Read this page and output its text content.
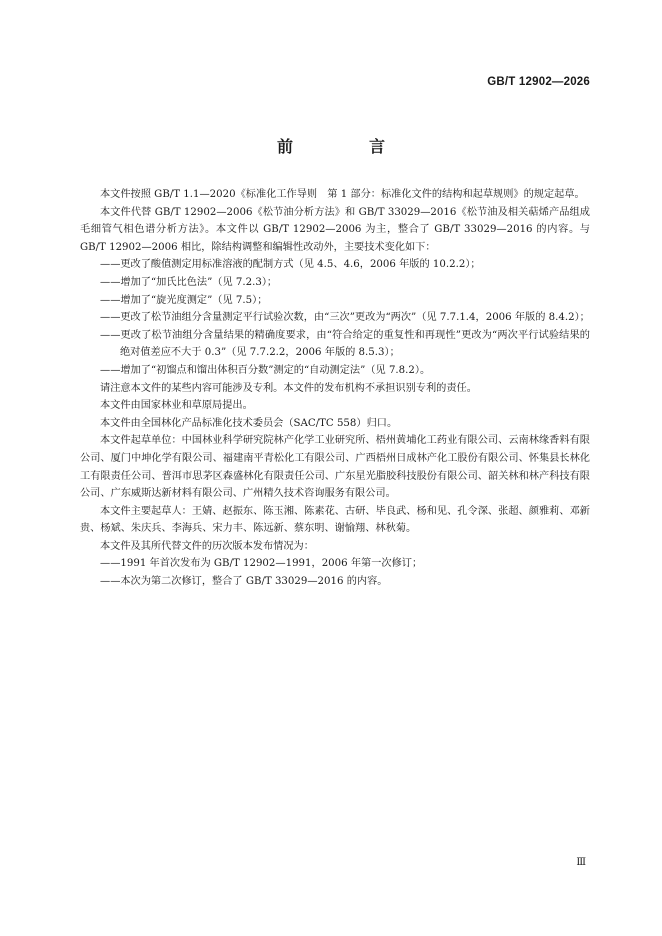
GB/T 12902—2026
前　言

本文件按照 GB/T 1.1—2020《标准化工作导则　第 1 部分：标准化文件的结构和起草规则》的规定起草。

本文件代替 GB/T 12902—2006《松节油分析方法》和 GB/T 33029—2016《松节油及相关萜烯产品组成　毛细管气相色谱分析方法》。本文件以 GB/T 12902—2006 为主，整合了 GB/T 33029—2016 的内容。与 GB/T 12902—2006 相比，除结构调整和编辑性改动外，主要技术变化如下：

——更改了酸值测定用标准溶液的配制方式（见 4.5、4.6，2006 年版的 10.2.2）；

——增加了“加氏比色法”（见 7.2.3）；

——增加了“旋光度测定”（见 7.5）；

——更改了松节油组分含量测定平行试验次数，由“三次”更改为“两次”（见 7.7.1.4，2006 年版的 8.4.2）；

——更改了松节油组分含量结果的精确度要求，由“符合给定的重复性和再现性”更改为“两次平行试验结果的绝对值差应不大于 0.3”（见 7.7.2.2，2006 年版的 8.5.3）；

——增加了“初馏点和馏出体积百分数”测定的“自动测定法”（见 7.8.2）。

请注意本文件的某些内容可能涉及专利。本文件的发布机构不承担识别专利的责任。

本文件由国家林业和草原局提出。

本文件由全国林化产品标准化技术委员会（SAC/TC 558）归口。

本文件起草单位：中国林业科学研究院林产化学工业研究所、梧州黄埔化工药业有限公司、云南林缘香料有限公司、厦门中坤化学有限公司、福建南平青松化工有限公司、广西梧州日成林产化工股份有限公司、怀集县长林化工有限责任公司、普洱市思茅区森盛林化有限责任公司、广东星光脂胶科技股份有限公司、韶关林和林产科技有限公司、广东威斯达新材料有限公司、广州精久技术咨询服务有限公司。

本文件主要起草人：王婧、赵振东、陈玉湘、陈素花、古研、毕良武、杨和见、孔令深、张超、颜雅莉、邓新贵、杨斌、朱庆兵、李海兵、宋力丰、陈远新、蔡东明、谢愉翔、林秋菊。

本文件及其所代替文件的历次版本发布情况为：

——1991 年首次发布为 GB/T 12902—1991，2006 年第一次修订；

——本次为第二次修订，整合了 GB/T 33029—2016 的内容。

Ⅲ
